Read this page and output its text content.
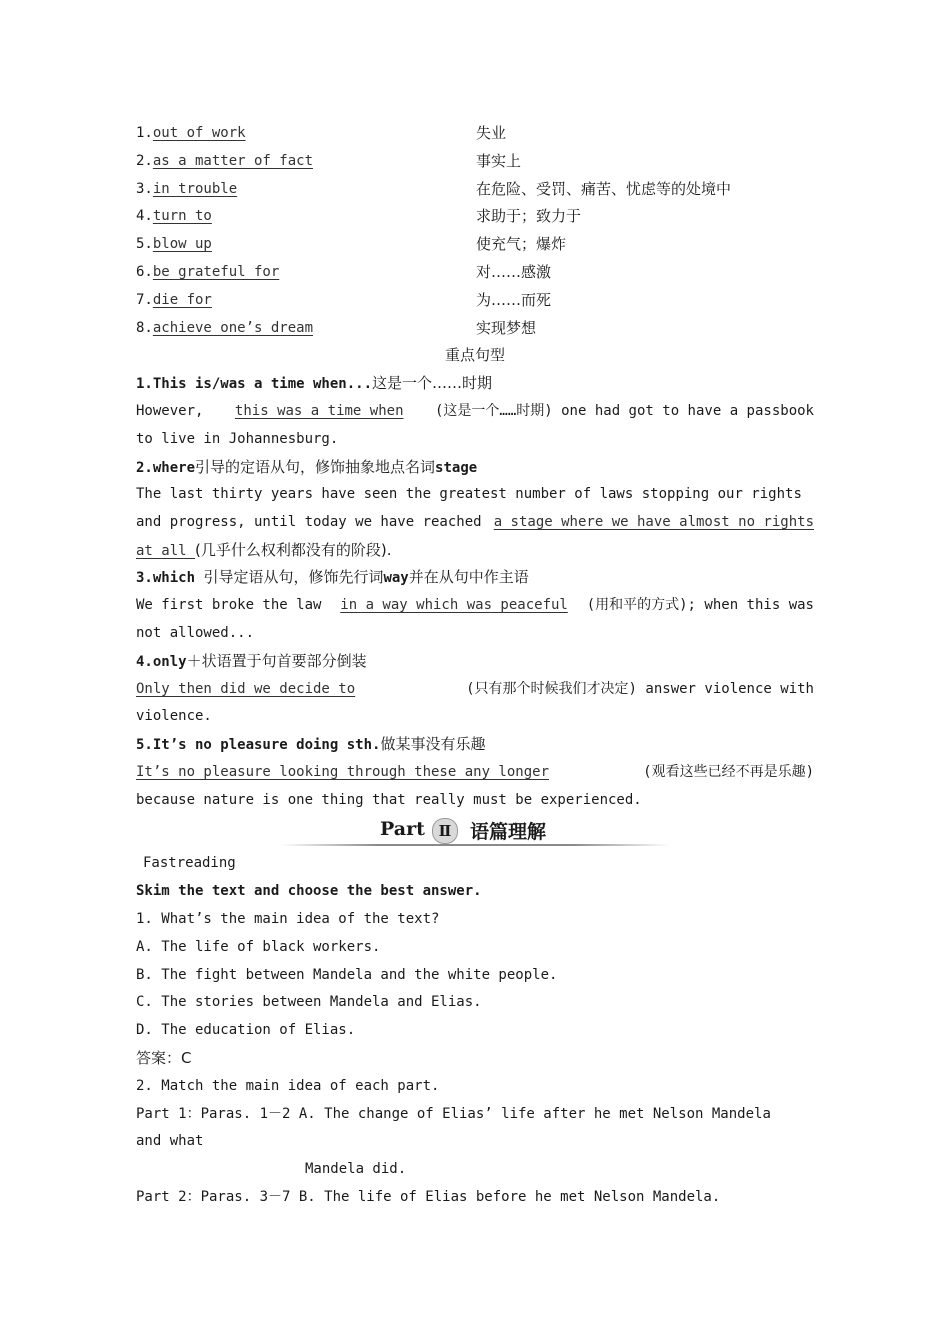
1.out of work	失业
2.as a matter of fact	事实上
3.in trouble	在危险、受罚、痛苦、忧虑等的处境中
4.turn to	求助于；致力于
5.blow up	使充气；爆炸
6.be grateful for	对……感激
7.die for	为……而死
8.achieve one’s dream	实现梦想
重点句型
1.This is/was a time when...这是一个……时期
However, this was a time when (这是一个……时期) one had got to have a passbook
to live in Johannesburg.
2.where引导的定语从句，修饰抽象地点名词stage
The last thirty years have seen the greatest number of laws stopping our rights
and progress, until today we have reached a stage where we have almost no rights
at all (几乎什么权利都没有的阶段).
3.which 引导定语从句，修饰先行词way并在从句中作主语
We first broke the law in a way which was peaceful (用和平的方式); when this was
not allowed...
4.only＋状语置于句首要部分倒装
Only then did we decide to	(只有那个时候我们才决定) answer violence with
violence.
5.It’s no pleasure doing sth.做某事没有乐趣
It’s no pleasure looking through these any longer	(观看这些已经不再是乐趣)
because nature is one thing that really must be experienced.
Part Ⅱ 语篇理解
Fastreading
Skim the text and choose the best answer.
1. What’s the main idea of the text?
A. The life of black workers.
B. The fight between Mandela and the white people.
C. The stories between Mandela and Elias.
D. The education of Elias.
答案：C
2. Match the main idea of each part.
Part 1：Paras. 1－2 A. The change of Elias’ life after he met Nelson Mandela
and what
Mandela did.
Part 2：Paras. 3－7 B. The life of Elias before he met Nelson Mandela.
